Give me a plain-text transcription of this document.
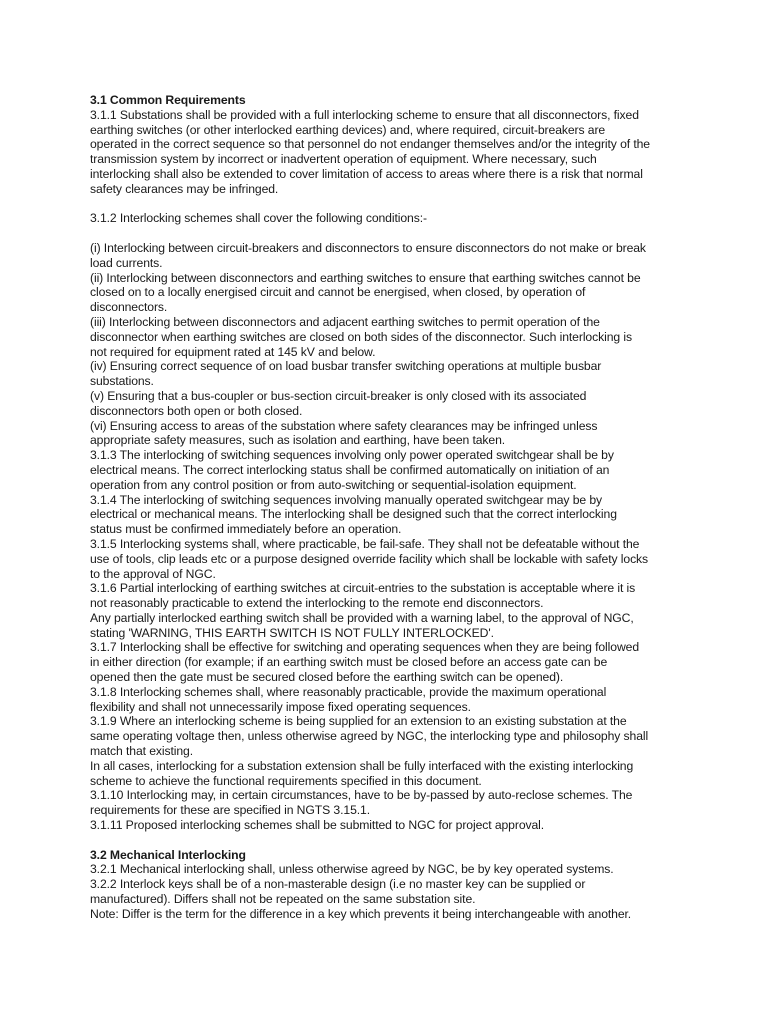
3.1 Common Requirements

3.1.1 Substations shall be provided with a full interlocking scheme to ensure that all disconnectors, fixed
earthing switches (or other interlocked earthing devices) and, where required, circuit-breakers are
operated in the correct sequence so that personnel do not endanger themselves and/or the integrity of the
transmission system by incorrect or inadvertent operation of equipment. Where necessary, such
interlocking shall also be extended to cover limitation of access to areas where there is a risk that normal
safety clearances may be infringed.

3.1.2 Interlocking schemes shall cover the following conditions:-

(i) Interlocking between circuit-breakers and disconnectors to ensure disconnectors do not make or break
load currents.

(ii) Interlocking between disconnectors and earthing switches to ensure that earthing switches cannot be
closed on to a locally energised circuit and cannot be energised, when closed, by operation of
disconnectors.

(iii) Interlocking between disconnectors and adjacent earthing switches to permit operation of the
disconnector when earthing switches are closed on both sides of the disconnector. Such interlocking is
not required for equipment rated at 145 kV and below.

(iv) Ensuring correct sequence of on load busbar transfer switching operations at multiple busbar
substations.

(v) Ensuring that a bus-coupler or bus-section circuit-breaker is only closed with its associated
disconnectors both open or both closed.

(vi) Ensuring access to areas of the substation where safety clearances may be infringed unless
appropriate safety measures, such as isolation and earthing, have been taken.

3.1.3 The interlocking of switching sequences involving only power operated switchgear shall be by
electrical means. The correct interlocking status shall be confirmed automatically on initiation of an
operation from any control position or from auto-switching or sequential-isolation equipment.

3.1.4 The interlocking of switching sequences involving manually operated switchgear may be by
electrical or mechanical means. The interlocking shall be designed such that the correct interlocking
status must be confirmed immediately before an operation.

3.1.5 Interlocking systems shall, where practicable, be fail-safe. They shall not be defeatable without the
use of tools, clip leads etc or a purpose designed override facility which shall be lockable with safety locks
to the approval of NGC.

3.1.6 Partial interlocking of earthing switches at circuit-entries to the substation is acceptable where it is
not reasonably practicable to extend the interlocking to the remote end disconnectors.

Any partially interlocked earthing switch shall be provided with a warning label, to the approval of NGC,
stating 'WARNING, THIS EARTH SWITCH IS NOT FULLY INTERLOCKED'.

3.1.7 Interlocking shall be effective for switching and operating sequences when they are being followed
in either direction (for example; if an earthing switch must be closed before an access gate can be
opened then the gate must be secured closed before the earthing switch can be opened).

3.1.8 Interlocking schemes shall, where reasonably practicable, provide the maximum operational
flexibility and shall not unnecessarily impose fixed operating sequences.

3.1.9 Where an interlocking scheme is being supplied for an extension to an existing substation at the
same operating voltage then, unless otherwise agreed by NGC, the interlocking type and philosophy shall
match that existing.

In all cases, interlocking for a substation extension shall be fully interfaced with the existing interlocking
scheme to achieve the functional requirements specified in this document.

3.1.10 Interlocking may, in certain circumstances, have to be by-passed by auto-reclose schemes. The
requirements for these are specified in NGTS 3.15.1.

3.1.11 Proposed interlocking schemes shall be submitted to NGC for project approval.

3.2 Mechanical Interlocking

3.2.1 Mechanical interlocking shall, unless otherwise agreed by NGC, be by key operated systems.

3.2.2 Interlock keys shall be of a non-masterable design (i.e no master key can be supplied or
manufactured). Differs shall not be repeated on the same substation site.

Note: Differ is the term for the difference in a key which prevents it being interchangeable with another.
